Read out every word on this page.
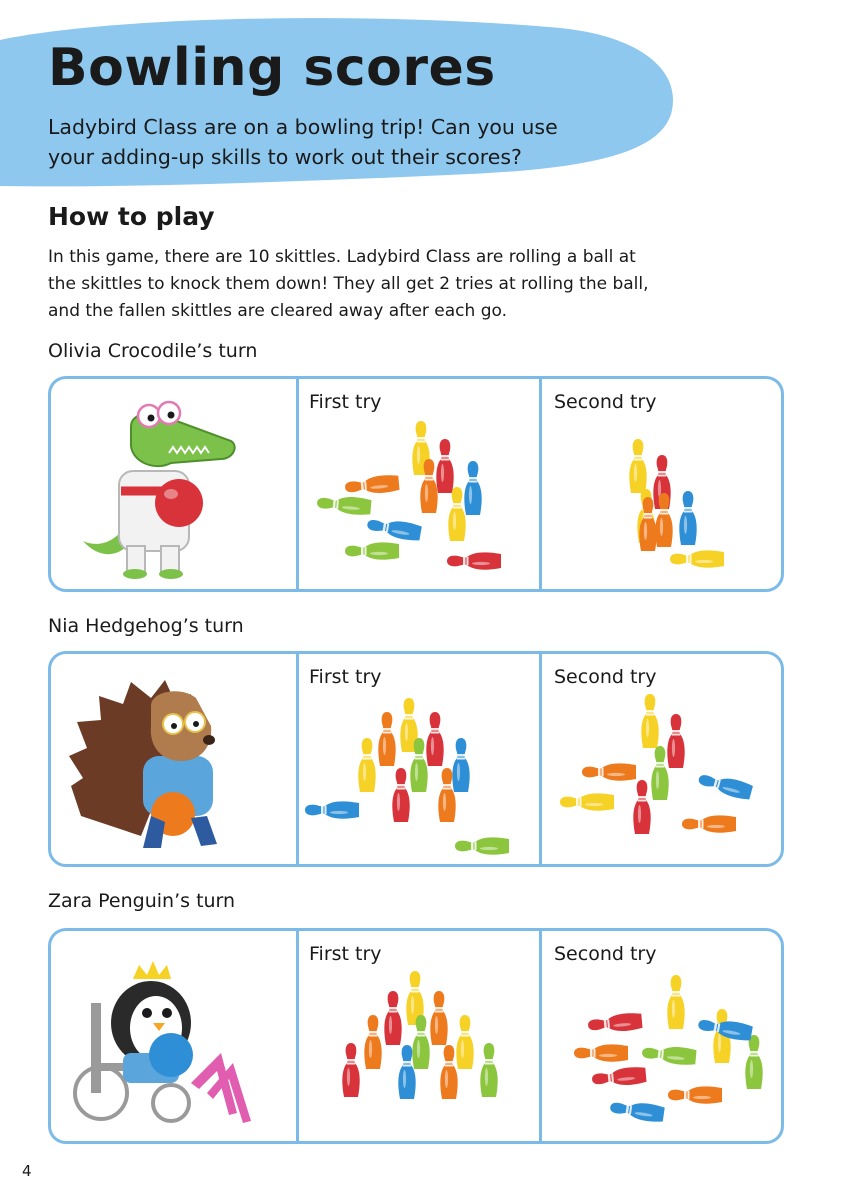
Bowling scores

Ladybird Class are on a bowling trip! Can you use your adding-up skills to work out their scores?

How to play

In this game, there are 10 skittles. Ladybird Class are rolling a ball at the skittles to knock them down! They all get 2 tries at rolling the ball, and the fallen skittles are cleared away after each go.

Olivia Crocodile’s turn

First try	Second try

Nia Hedgehog’s turn

First try	Second try

Zara Penguin’s turn

First try	Second try

4
